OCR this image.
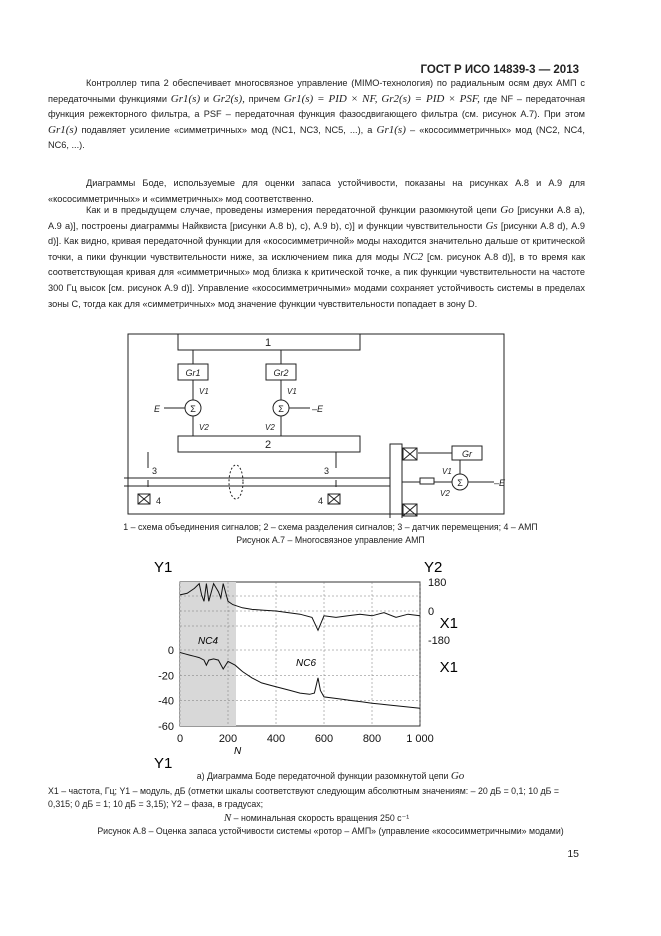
ГОСТ Р ИСО 14839-3 — 2013
Контроллер типа 2 обеспечивает многосвязное управление (MIMO-технология) по радиальным осям двух АМП с передаточными функциями Gr1(s) и Gr2(s), причем Gr1(s) = PID × NF, Gr2(s) = PID × PSF, где NF – передаточная функция режекторного фильтра, а PSF – передаточная функция фазосдвигающего фильтра (см. рисунок А.7). При этом Gr1(s) подавляет усиление «симметричных» мод (NC1, NC3, NC5, ...), а Gr1(s) – «кососимметричных» мод (NC2, NC4, NC6, ...).
Диаграммы Боде, используемые для оценки запаса устойчивости, показаны на рисунках А.8 и А.9 для «кососимметричных» и «симметричных» мод соответственно.
Как и в предыдущем случае, проведены измерения передаточной функции разомкнутой цепи Go [рисунки А.8 а), А.9 а)], построены диаграммы Найквиста [рисунки А.8 b), с), А.9 b), с)] и функции чувствительности Gs [рисунки А.8 d), А.9 d)]. Как видно, кривая передаточной функции для «кососимметричной» моды находится значительно дальше от критической точки, а пики функции чувствительности ниже, за исключением пика для моды NC2 [см. рисунок А.8 d)], в то время как соответствующая кривая для «симметричных» мод близка к критической точке, а пик функции чувствительности на частоте 300 Гц высок [см. рисунок А.9 d)]. Управление «кососимметричными» модами сохраняет устойчивость системы в пределах зоны С, тогда как для «симметричных» мод значение функции чувствительности попадает в зону D.
1
2
Gr1	Gr2
Gr
Σ	Σ
Σ
E	–E
–E
V1	V1
V2	V2
V1
V2
3	3
4	4
1 – схема объединения сигналов; 2 – схема разделения сигналов; 3 – датчик перемещения; 4 – АМП
Рисунок А.7 – Многосвязное управление АМП
0	200	400	600	800 1 000
180
0
-180
0
-20
-40
-60
Y1	Y2
X1
X1
Y1
NC4
NC6
N
а) Диаграмма Боде передаточной функции разомкнутой цепи Go
X1 – частота, Гц; Y1 – модуль, дБ (отметки шкалы соответствуют следующим абсолютным значениям: – 20 дБ = 0,1; 10 дБ = 0,315; 0 дБ = 1; 10 дБ = 3,15); Y2 – фаза, в градусах;
N – номинальная скорость вращения 250 с⁻¹
Рисунок А.8 – Оценка запаса устойчивости системы «ротор – АМП» (управление «кососимметричными» модами)
15
